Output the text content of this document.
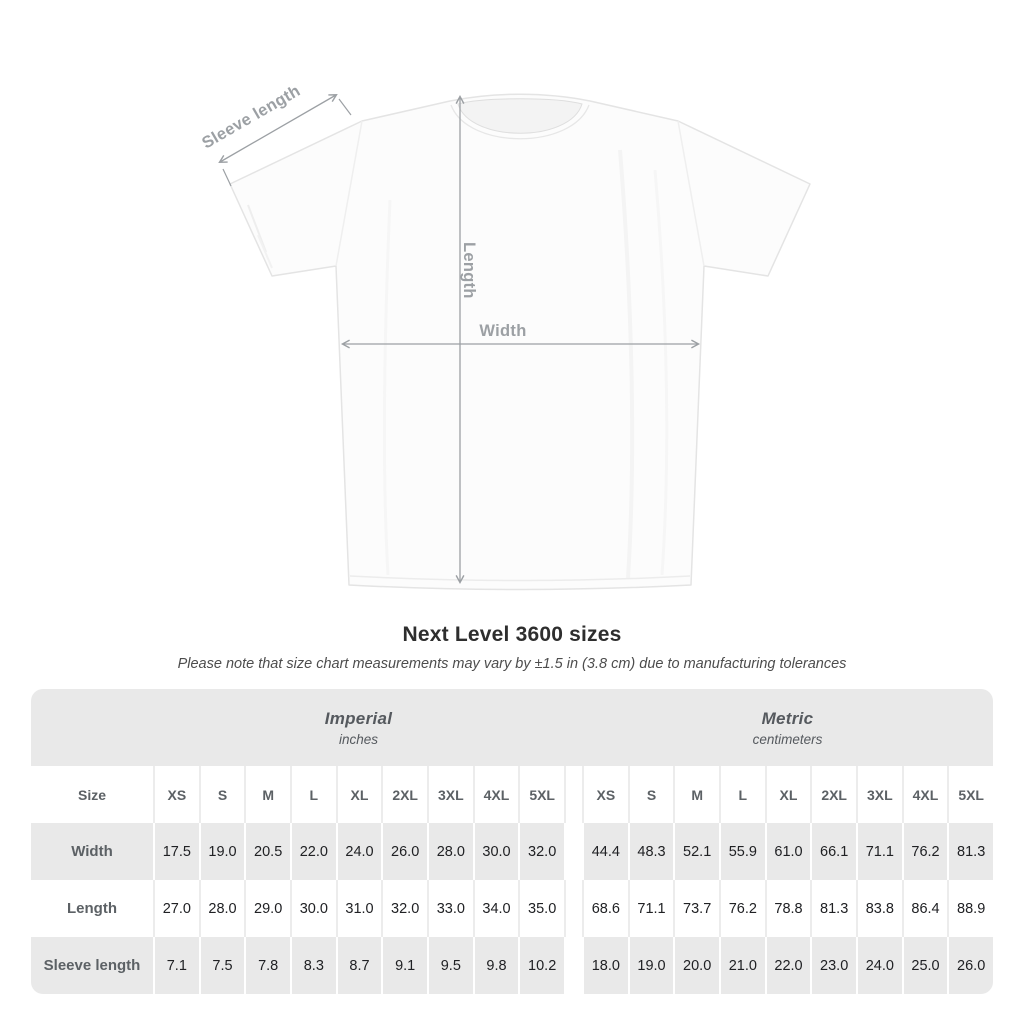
Sleeve length
Length
Width
Next Level 3600 sizes

Please note that size chart measurements may vary by ±1.5 in (3.8 cm) due to manufacturing tolerances

Imperial
inches
Metric
centimeters
Size	XS	S	M	L	XL	2XL	3XL	4XL	5XL	XS	S	M	L	XL	2XL	3XL	4XL	5XL
Width	17.5	19.0	20.5	22.0	24.0	26.0	28.0	30.0	32.0	44.4	48.3	52.1	55.9	61.0	66.1	71.1	76.2	81.3
Length	27.0	28.0	29.0	30.0	31.0	32.0	33.0	34.0	35.0	68.6	71.1	73.7	76.2	78.8	81.3	83.8	86.4	88.9
Sleeve length	7.1	7.5	7.8	8.3	8.7	9.1	9.5	9.8	10.2	18.0	19.0	20.0	21.0	22.0	23.0	24.0	25.0	26.0
